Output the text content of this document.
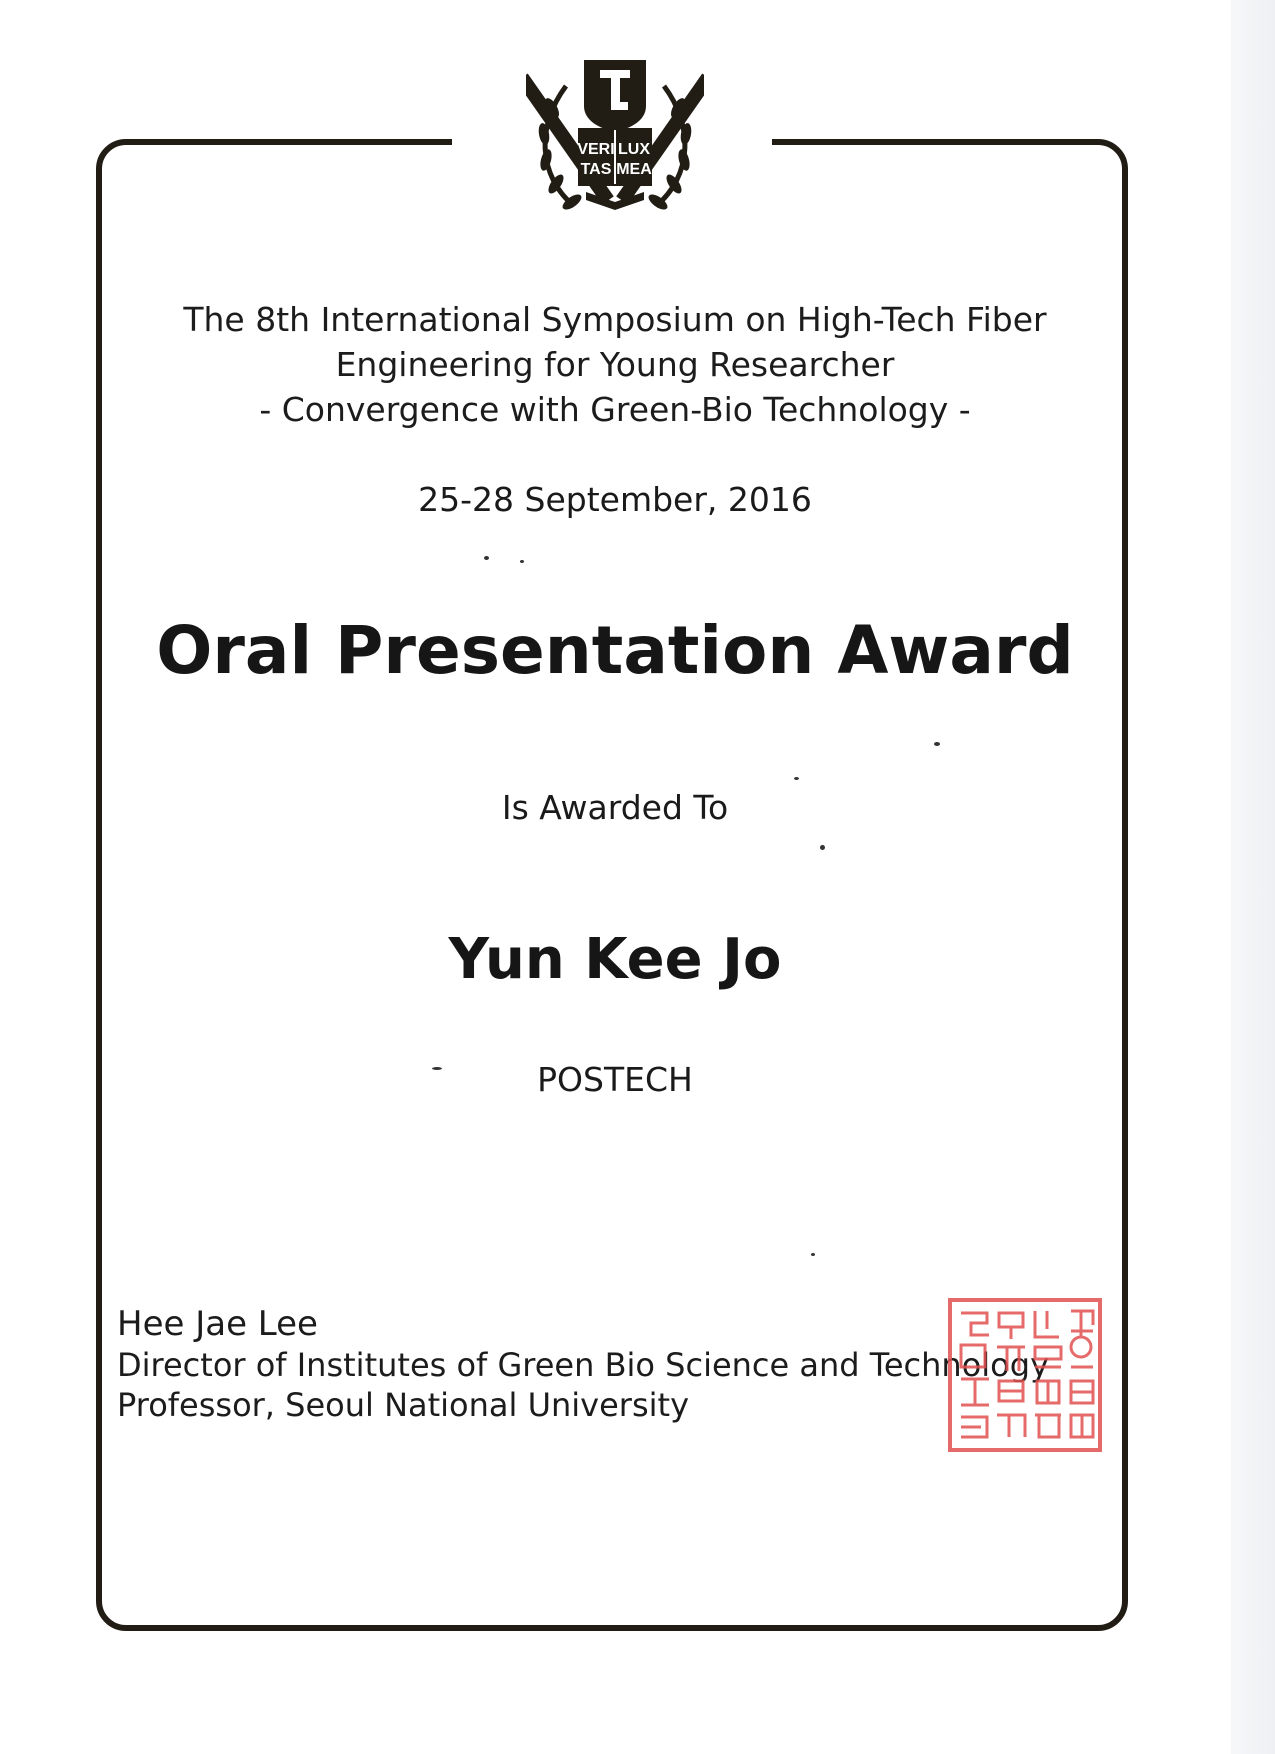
VERI LUX
TAS MEA
The 8th International Symposium on High-Tech Fiber
Engineering for Young Researcher
- Convergence with Green-Bio Technology -
25-28 September, 2016
Oral Presentation Award
Is Awarded To
Yun Kee Jo
POSTECH
Hee Jae Lee
Director of Institutes of Green Bio Science and Technology
Professor, Seoul National University
